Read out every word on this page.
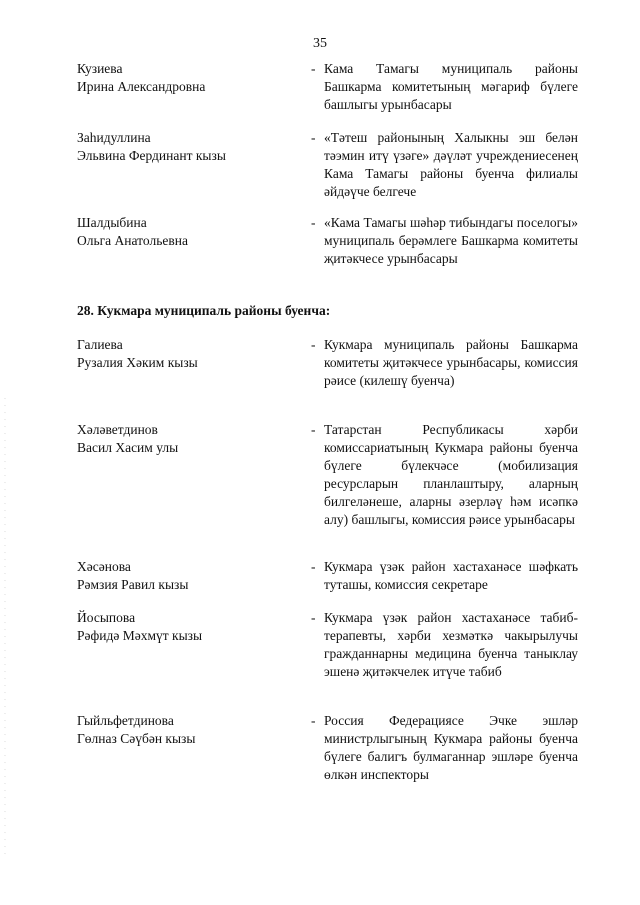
35
Кузиева
Ирина Александровна
- Кама Тамагы муниципаль районы Башкарма комитетының мәгариф бүлеге башлыгы урынбасары
Заһидуллина
Эльвина Фердинант кызы
- «Тәтеш районының Халыкны эш белән тәэмин итү үзәге» дәүләт учреждениесенең Кама Тамагы районы буенча филиалы әйдәүче белгече
Шалдыбина
Ольга Анатольевна
- «Кама Тамагы шәһәр тибындагы поселогы» муниципаль берәмлеге Башкарма комитеты җитәкчесе урынбасары
28. Кукмара муниципаль районы буенча:
Галиева
Рузалия Хәким кызы
- Кукмара муниципаль районы Башкарма комитеты җитәкчесе урынбасары, комиссия рәисе (килешү буенча)
Хәләветдинов
Васил Хасим улы
- Татарстан Республикасы хәрби комиссариатының Кукмара районы буенча бүлеге бүлекчәсе (мобилизация ресурсларын планлаштыру, аларның билгеләнеше, аларны әзерләү һәм исәпкә алу) башлыгы, комиссия рәисе урынбасары
Хәсәнова
Рәмзия Равил кызы
- Кукмара үзәк район хастаханәсе шәфкать туташы, комиссия секретаре
Йосыпова
Рәфидә Мәхмүт кызы
- Кукмара үзәк район хастаханәсе табиб-терапевты, хәрби хезмәткә чакырылучы гражданнарны медицина буенча таныклау эшенә җитәкчелек итүче табиб
Гыйльфетдинова
Гөлназ Сәүбән кызы
- Россия Федерациясе Эчке эшләр министрлыгының Кукмара районы буенча бүлеге балигъ булмаганнар эшләре буенча өлкән инспекторы
